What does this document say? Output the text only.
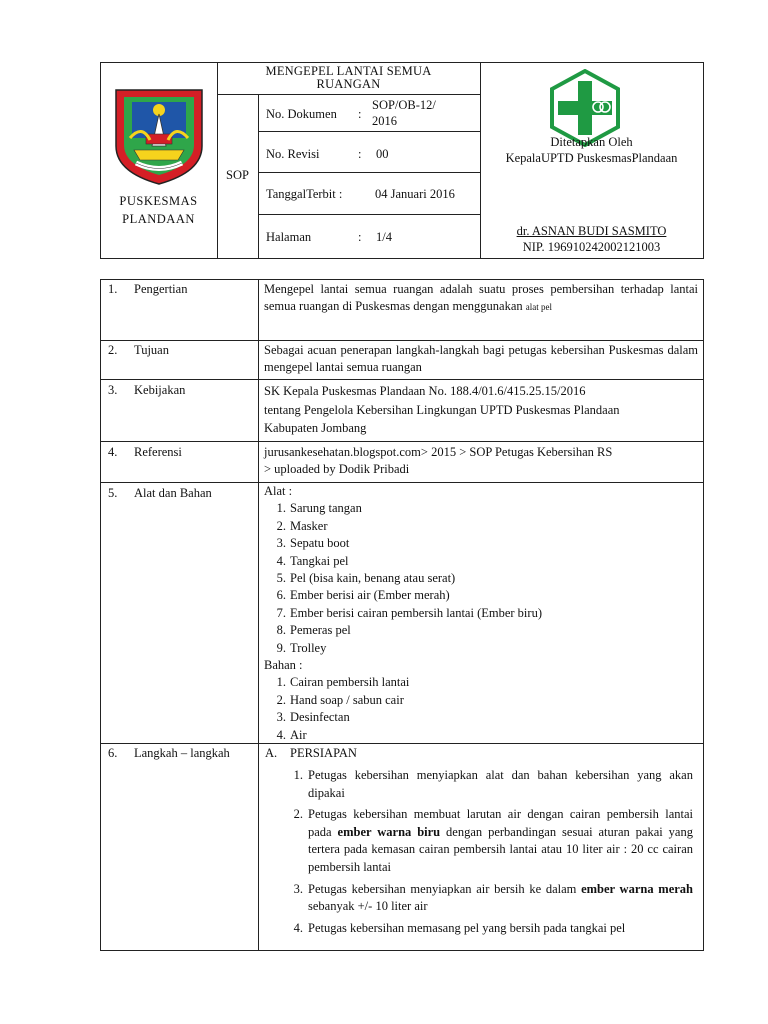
PUSKESMAS
PLANDAAN
MENGEPEL LANTAI SEMUA
RUANGAN
SOP
No. Dokumen :
SOP/OB-12/
2016
No. Revisi	: 00
TanggalTerbit :	04 Januari 2016
Halaman	: 1/4
Ditetapkan Oleh
KepalaUPTD PuskesmasPlandaan
dr. ASNAN BUDI SASMITO
NIP. 196910242002121003
1. Pengertian	Mengepel lantai semua ruangan adalah suatu proses pembersihan terhadap lantai semua ruangan di Puskesmas dengan menggunakan alat pel
2. Tujuan	Sebagai acuan penerapan langkah-langkah bagi petugas kebersihan Puskesmas dalam mengepel lantai semua ruangan
3. Kebijakan	SK Kepala Puskesmas Plandaan No. 188.4/01.6/415.25.15/2016
tentang Pengelola Kebersihan Lingkungan UPTD Puskesmas Plandaan
Kabupaten Jombang
4. Referensi	jurusankesehatan.blogspot.com> 2015 > SOP Petugas Kebersihan RS
> uploaded by Dodik Pribadi
5. Alat dan Bahan	Alat :
1. Sarung tangan
2. Masker
3. Sepatu boot
4. Tangkai pel
5. Pel (bisa kain, benang atau serat)
6. Ember berisi air (Ember merah)
7. Ember berisi cairan pembersih lantai (Ember biru)
8. Pemeras pel
9. Trolley
Bahan :
1. Cairan pembersih lantai
2. Hand soap / sabun cair
3. Desinfectan
4. Air
6. Langkah – langkah	A. PERSIAPAN
1. Petugas kebersihan menyiapkan alat dan bahan kebersihan yang akan dipakai
2. Petugas kebersihan membuat larutan air dengan cairan pembersih lantai pada ember warna biru dengan perbandingan sesuai aturan pakai yang tertera pada kemasan cairan pembersih lantai atau 10 liter air : 20 cc cairan pembersih lantai
3. Petugas kebersihan menyiapkan air bersih ke dalam ember warna merah sebanyak +/- 10 liter air
4. Petugas kebersihan memasang pel yang bersih pada tangkai pel
